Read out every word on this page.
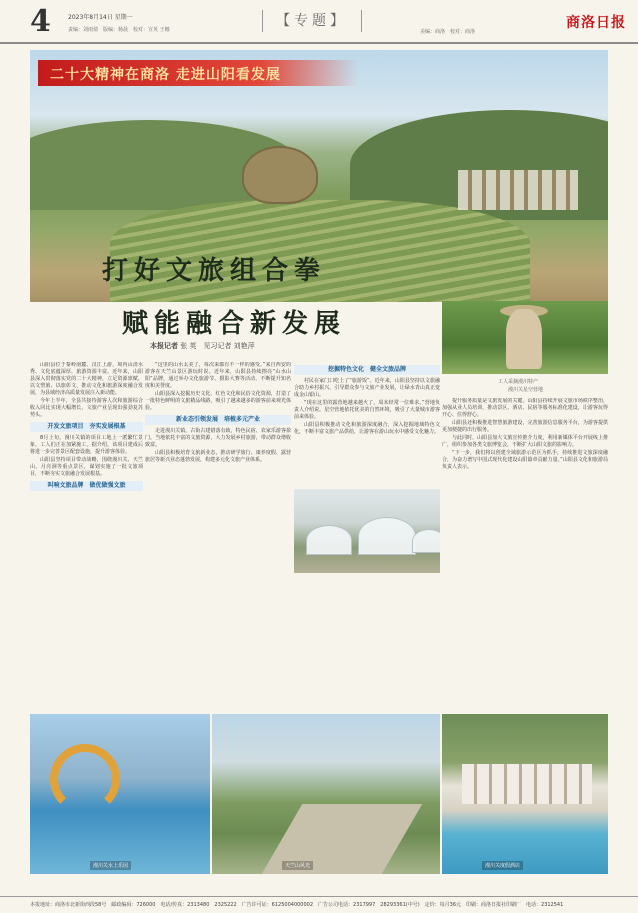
4	2023年8月14日 星期一
责编：刘雨倩　版编：杨晨　校对：宣英 王娜
【专题】
美编：商洛　校对：商洛
商洛日报
二十大精神在商洛 走进山阳看发展
打好文旅组合拳
赋能融合新发展
本报记者 张 英　见习记者 刘艳萍
工人采摘漫川特产
漫川关星空营地

山阳县位于秦岭南麓、汉江上游，境内山清水秀、文化底蕴深厚，旅游资源丰富。近年来，山阳县深入贯彻落实党的二十大精神，立足资源禀赋，以文塑旅、以旅彰文，推动文化和旅游深度融合发展，为县域经济高质量发展注入新动能。

今年上半年，全县共接待游客人次和旅游综合收入同比实现大幅增长，文旅产业呈现出强劲复苏势头。

开发文旅项目　夯实发展根基

8月上旬，漫川关镇的项目工地上一派繁忙景象，工人们正在加紧施工。据介绍，该项目建成后将进一步完善景区配套设施，提升游客体验。

山阳县坚持项目带动战略，围绕漫川关、天竺山、月亮洞等重点景区，谋划实施了一批文旅项目，不断夯实文旅融合发展根基。

叫响文旅品牌　做优做强文旅

“这里的山水太美了，每次来都有不一样的感受。”来自西安的游客在天竺山景区游玩时说。近年来，山阳县持续擦亮“山水山阳”品牌，通过举办文化旅游节、摄影大赛等活动，不断提升知名度和美誉度。

山阳县深入挖掘历史文化、红色文化和民俗文化资源，打造了一批特色鲜明的文旅精品线路，吸引了越来越多的游客前来观光体验。

新业态引领发展　培植多元产业

走进漫川关镇，古街古建错落有致，特色民宿、农家乐游客盈门。当地依托丰富的文旅资源，大力发展乡村旅游，带动群众增收致富。

山阳县积极培育文旅新业态，推动研学旅行、康养度假、露营旅居等新兴业态蓬勃发展，构建多元化文旅产业体系。

挖掘特色文化　健全文旅品牌

村民在家门口吃上了“旅游饭”。近年来，山阳县坚持以文旅融合助力乡村振兴，引导群众参与文旅产业发展，让绿水青山真正变成金山银山。

“现在这里的露营地越来越火了，周末经常一位难求。”营地负责人介绍说。星空营地依托优美的自然环境，吸引了大量城市游客前来体验。

山阳县积极推动文化和旅游深度融合，深入挖掘地域特色文化，不断丰富文旅产品供给，让游客在游山玩水中感受文化魅力。

提升服务质量是文旅发展的关键。山阳县持续开展文旅市场秩序整治，加强从业人员培训，推动景区、酒店、民宿等服务标准化建设，让游客玩得开心、住得舒心。

山阳县还积极推进智慧旅游建设，完善旅游信息服务平台，为游客提供更加便捷的出行服务。

与此同时，山阳县加大文旅宣传推介力度，利用新媒体平台开展线上推广，组织参加各类文旅博览会，不断扩大山阳文旅的影响力。

“下一步，我们将以创建全域旅游示范区为抓手，持续推进文旅深度融合，为奋力谱写中国式现代化建设山阳篇章贡献力量。”山阳县文化和旅游局负责人表示。

漫川关水上乐园	天竺山风光	漫川关度假酒店
本报地址：商洛市北新街西段58号　邮政编码：726000　电话/传真：2313480　2325222　广告许可证：6125004000002　广告公司电话：2317997　28293361(中号)　定价：每月36元　印刷：商洛日报社印刷厂　电话：2312541
